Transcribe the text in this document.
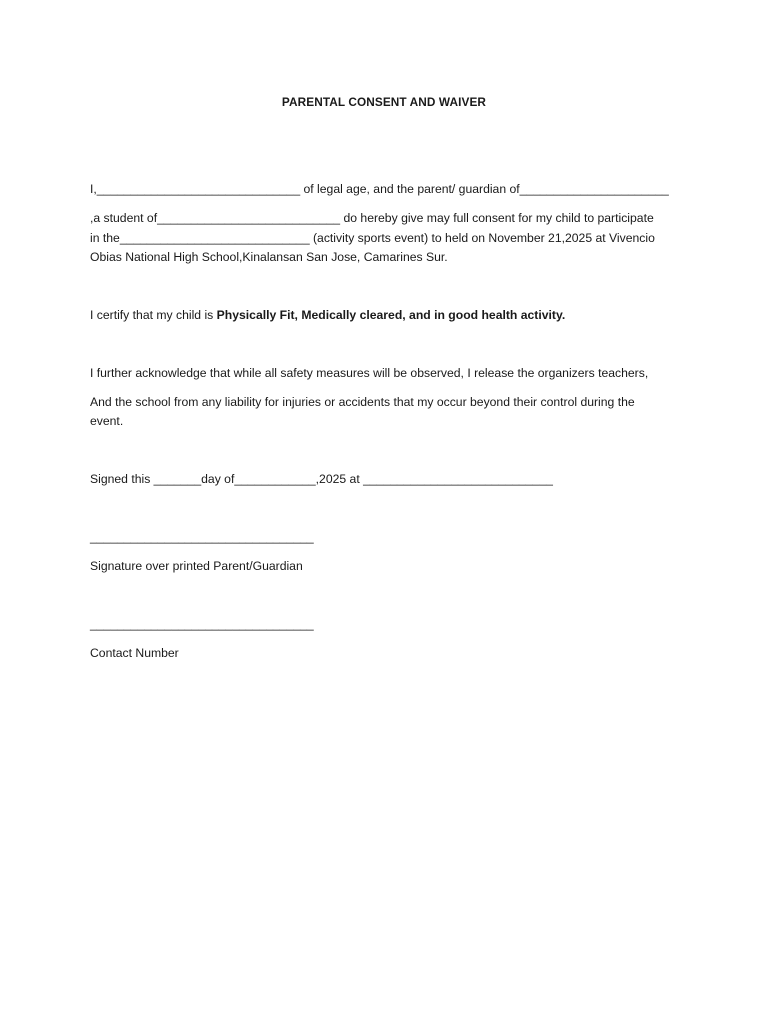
PARENTAL CONSENT AND WAIVER
I,______________________________ of legal age, and the parent/ guardian of______________________
,a student of___________________________ do hereby give may full consent for my child to participate
in the____________________________ (activity sports event) to held on November 21,2025 at Vivencio
Obias National High School,Kinalansan San Jose, Camarines Sur.
I certify that my child is Physically Fit, Medically cleared, and in good health activity.
I further acknowledge that while all safety measures will be observed, I release the organizers teachers,
And the school from any liability for injuries or accidents that my occur beyond their control during the
event.
Signed this _______day of____________,2025 at ____________________________
_________________________________
Signature over printed Parent/Guardian
_________________________________
Contact Number
